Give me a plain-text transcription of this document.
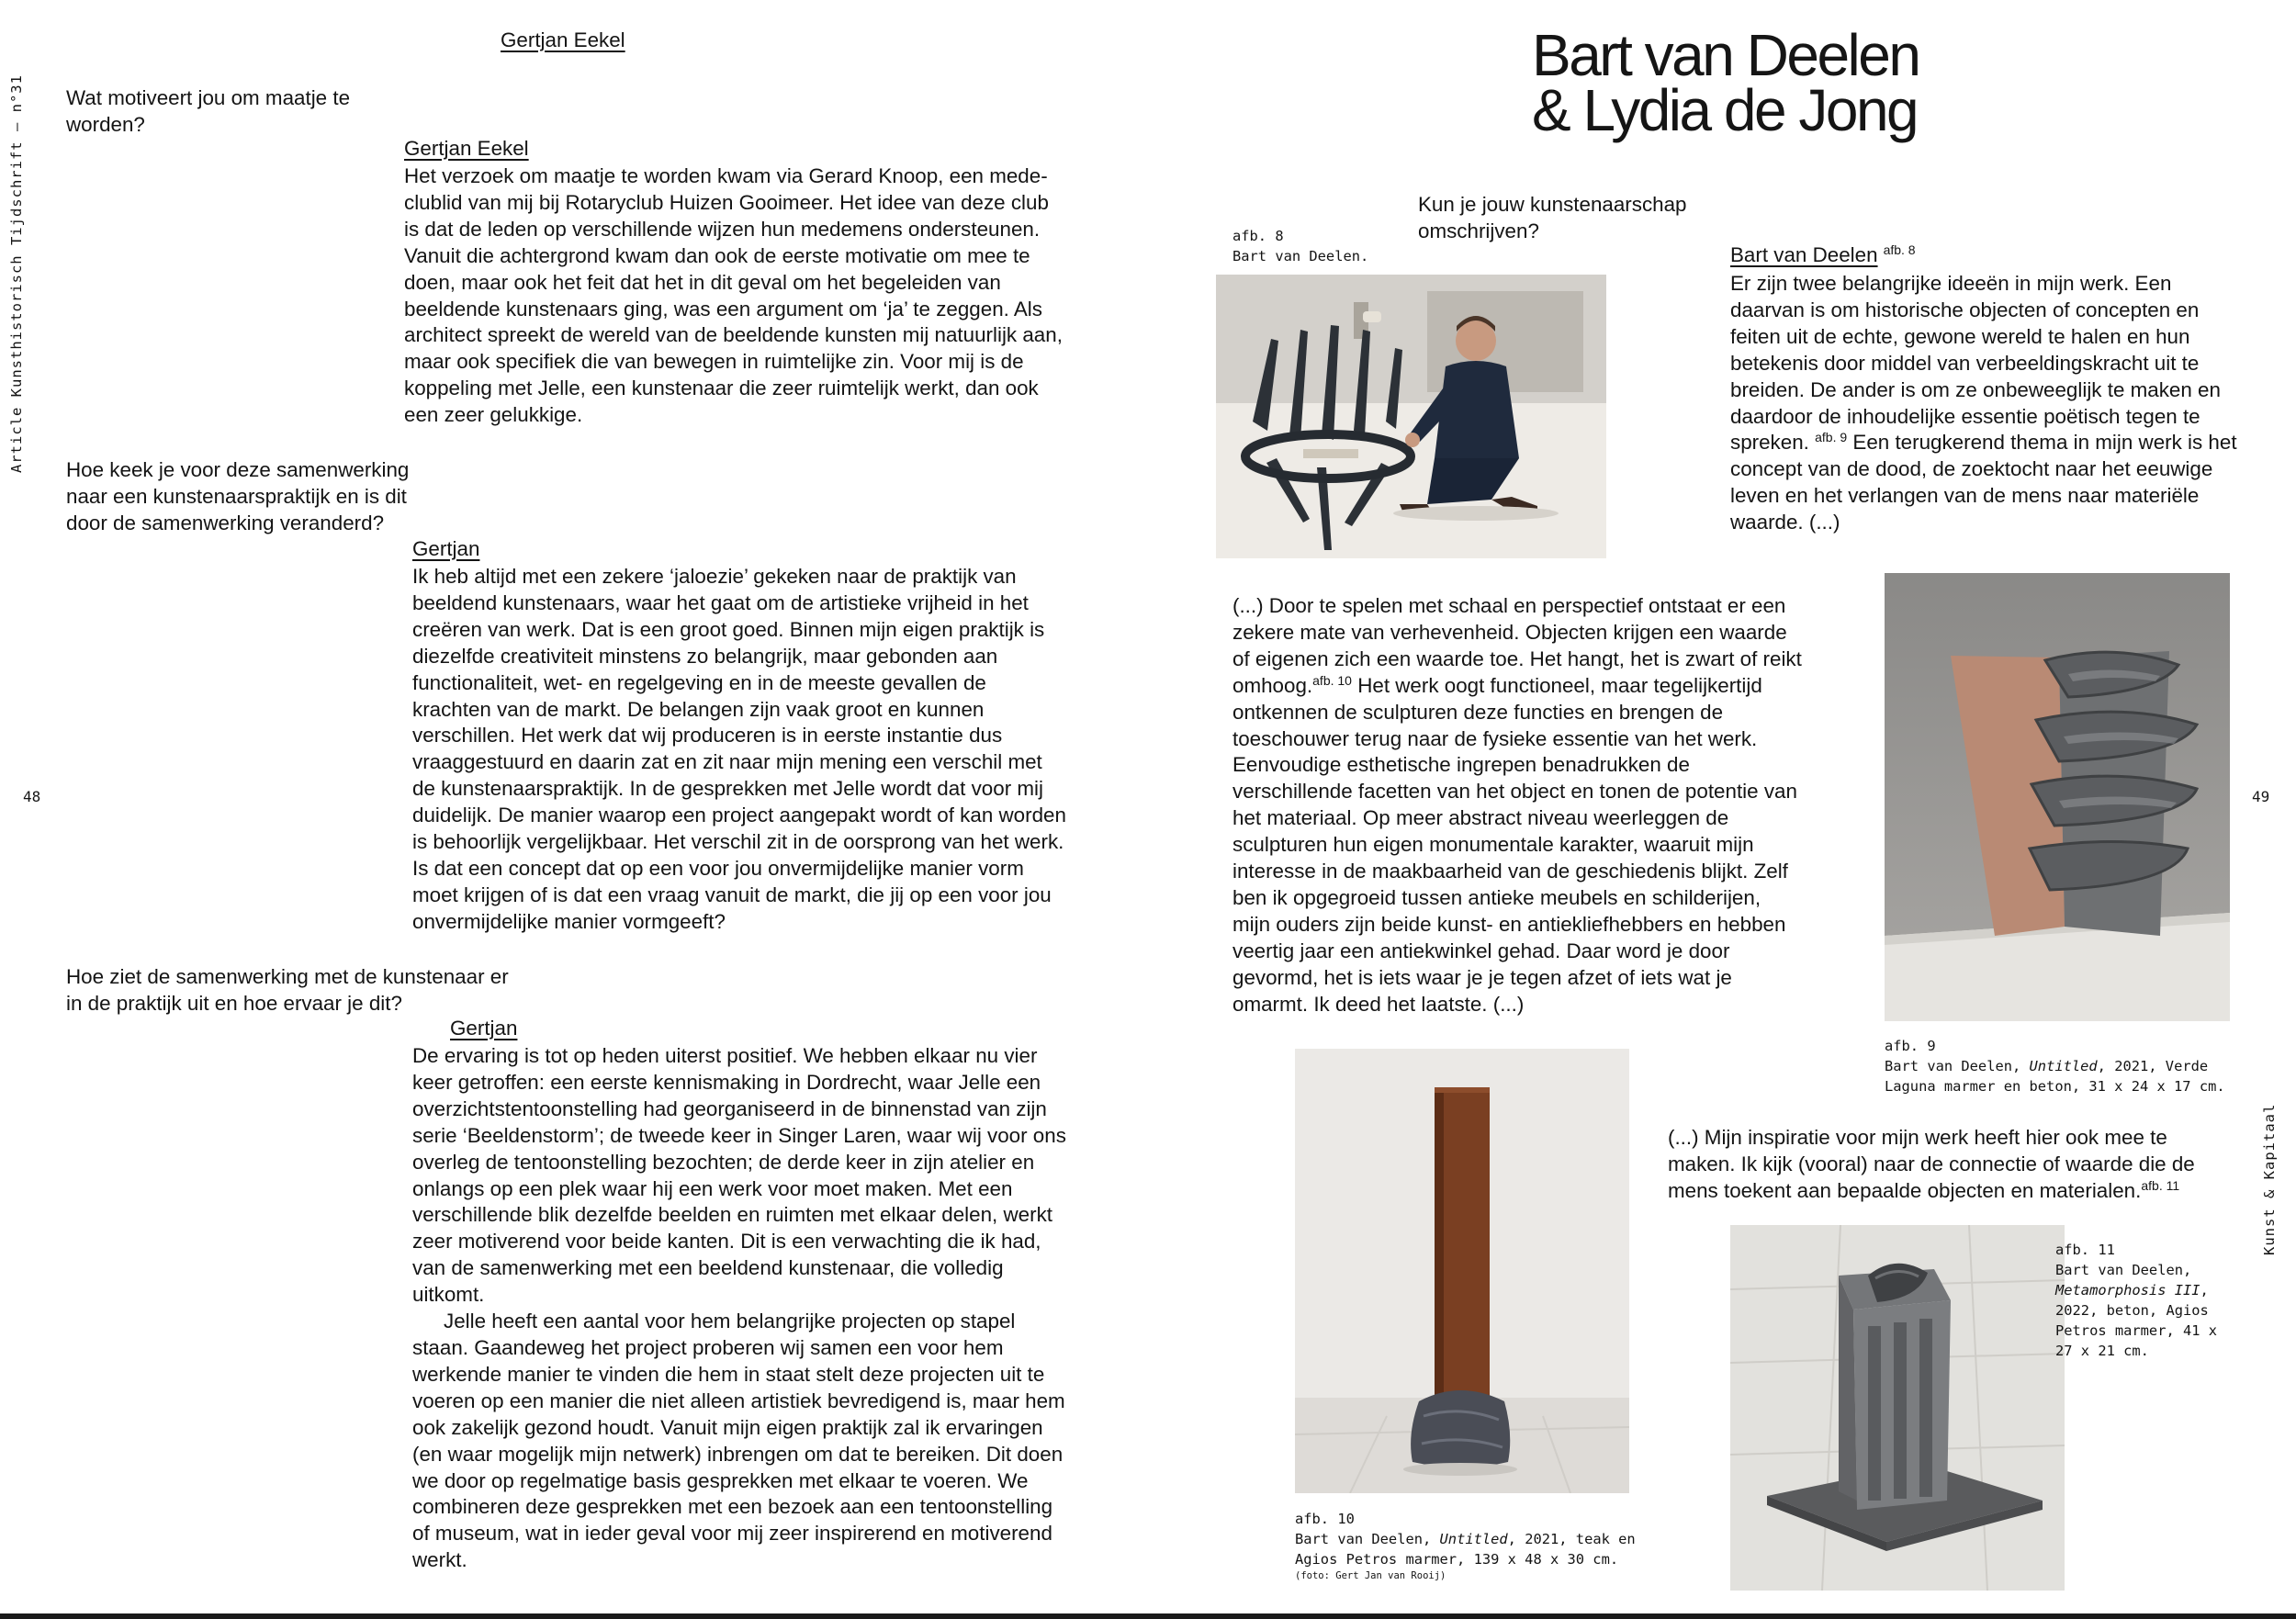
Gertjan Eekel
Article Kunsthistorisch Tijdschrift – n°31
48
Wat motiveert jou om maatje te worden?
Gertjan Eekel

Het verzoek om maatje te worden kwam via Gerard Knoop, een mede-clublid van mij bij Rotaryclub Huizen Gooimeer. Het idee van deze club is dat de leden op verschillende wijzen hun medemens ondersteunen. Vanuit die achtergrond kwam dan ook de eerste motivatie om mee te doen, maar ook het feit dat het in dit geval om het begeleiden van beeldende kunstenaars ging, was een argument om ‘ja’ te zeggen. Als architect spreekt de wereld van de beeldende kunsten mij natuurlijk aan, maar ook specifiek die van bewegen in ruimtelijke zin. Voor mij is de koppeling met Jelle, een kunstenaar die zeer ruimtelijk werkt, dan ook een zeer gelukkige.

Hoe keek je voor deze samenwerking naar een kunstenaarspraktijk en is dit door de samenwerking veranderd?
Gertjan

Ik heb altijd met een zekere ‘jaloezie’ gekeken naar de praktijk van beeldend kunstenaars, waar het gaat om de artistieke vrijheid in het creëren van werk. Dat is een groot goed. Binnen mijn eigen praktijk is diezelfde creativiteit minstens zo belangrijk, maar gebonden aan functionaliteit, wet- en regelgeving en in de meeste gevallen de krachten van de markt. De belangen zijn vaak groot en kunnen verschillen. Het werk dat wij produceren is in eerste instantie dus vraaggestuurd en daarin zat en zit naar mijn mening een verschil met de kunstenaarspraktijk. In de gesprekken met Jelle wordt dat voor mij duidelijk. De manier waarop een project aangepakt wordt of kan worden is behoorlijk vergelijkbaar. Het verschil zit in de oorsprong van het werk. Is dat een concept dat op een voor jou onvermijdelijke manier vorm moet krijgen of is dat een vraag vanuit de markt, die jij op een voor jou onvermijdelijke manier vormgeeft?

Hoe ziet de samenwerking met de kunstenaar er in de praktijk uit en hoe ervaar je dit?
Gertjan

De ervaring is tot op heden uiterst positief. We hebben elkaar nu vier keer getroffen: een eerste kennismaking in Dordrecht, waar Jelle een overzichtstentoonstelling had georganiseerd in de binnenstad van zijn serie ‘Beeldenstorm’; de tweede keer in Singer Laren, waar wij voor ons overleg de tentoonstelling bezochten; de derde keer in zijn atelier en onlangs op een plek waar hij een werk voor moet maken. Met een verschillende blik dezelfde beelden en ruimten met elkaar delen, werkt zeer motiverend voor beide kanten. Dit is een verwachting die ik had, van de samenwerking met een beeldend kunstenaar, die volledig uitkomt.

Jelle heeft een aantal voor hem belangrijke projecten op stapel staan. Gaandeweg het project proberen wij samen een voor hem werkende manier te vinden die hem in staat stelt deze projecten uit te voeren op een manier die niet alleen artistiek bevredigend is, maar hem ook zakelijk gezond houdt. Vanuit mijn eigen praktijk zal ik ervaringen (en waar mogelijk mijn netwerk) inbrengen om dat te bereiken. Dit doen we door op regelmatige basis gesprekken met elkaar te voeren. We combineren deze gesprekken met een bezoek aan een tentoonstelling of museum, wat in ieder geval voor mij zeer inspirerend en motiverend werkt.

Bart van Deelen
& Lydia de Jong
Kunst & Kapitaal
49
Kun je jouw kunstenaarschap omschrijven?
Bart van Deelen $^{afb. 8}$

Er zijn twee belangrijke ideeën in mijn werk. Een daarvan is om historische objecten of concepten en feiten uit de echte, gewone wereld te halen en hun betekenis door middel van verbeeldingskracht uit te breiden. De ander is om ze onbeweeglijk te maken en daardoor de inhoudelijke essentie poëtisch tegen te spreken. $^{afb. 9}$ Een terugkerend thema in mijn werk is het concept van de dood, de zoektocht naar het eeuwige leven en het verlangen van de mens naar materiële waarde. (...)

afb. 8

Bart van Deelen.

(...) Door te spelen met schaal en perspectief ontstaat er een zekere mate van verhevenheid. Objecten krijgen een waarde of eigenen zich een waarde toe. Het hangt, het is zwart of reikt omhoog.$^{afb. 10}$ Het werk oogt functioneel, maar tegelijkertijd ontkennen de sculpturen deze functies en brengen de toeschouwer terug naar de fysieke essentie van het werk. Eenvoudige esthetische ingrepen benadrukken de verschillende facetten van het object en tonen de potentie van het materiaal. Op meer abstract niveau weerleggen de sculpturen hun eigen monumentale karakter, waaruit mijn interesse in de maakbaarheid van de geschiedenis blijkt. Zelf ben ik opgegroeid tussen antieke meubels en schilderijen, mijn ouders zijn beide kunst- en antiekliefhebbers en hebben veertig jaar een antiekwinkel gehad. Daar word je door gevormd, het is iets waar je je tegen afzet of iets wat je omarmt. Ik deed het laatste. (...)

afb. 9

Bart van Deelen, Untitled, 2021, Verde Laguna marmer en beton, 31 x 24 x 17 cm.

afb. 10

Bart van Deelen, Untitled, 2021, teak en Agios Petros marmer, 139 x 48 x 30 cm.

(foto: Gert Jan van Rooij)

(...) Mijn inspiratie voor mijn werk heeft hier ook mee te maken. Ik kijk (vooral) naar de connectie of waarde die de mens toekent aan bepaalde objecten en materialen.$^{afb. 11}$

afb. 11

Bart van Deelen, Metamorphosis III, 2022, beton, Agios Petros marmer, 41 x 27 x 21 cm.
